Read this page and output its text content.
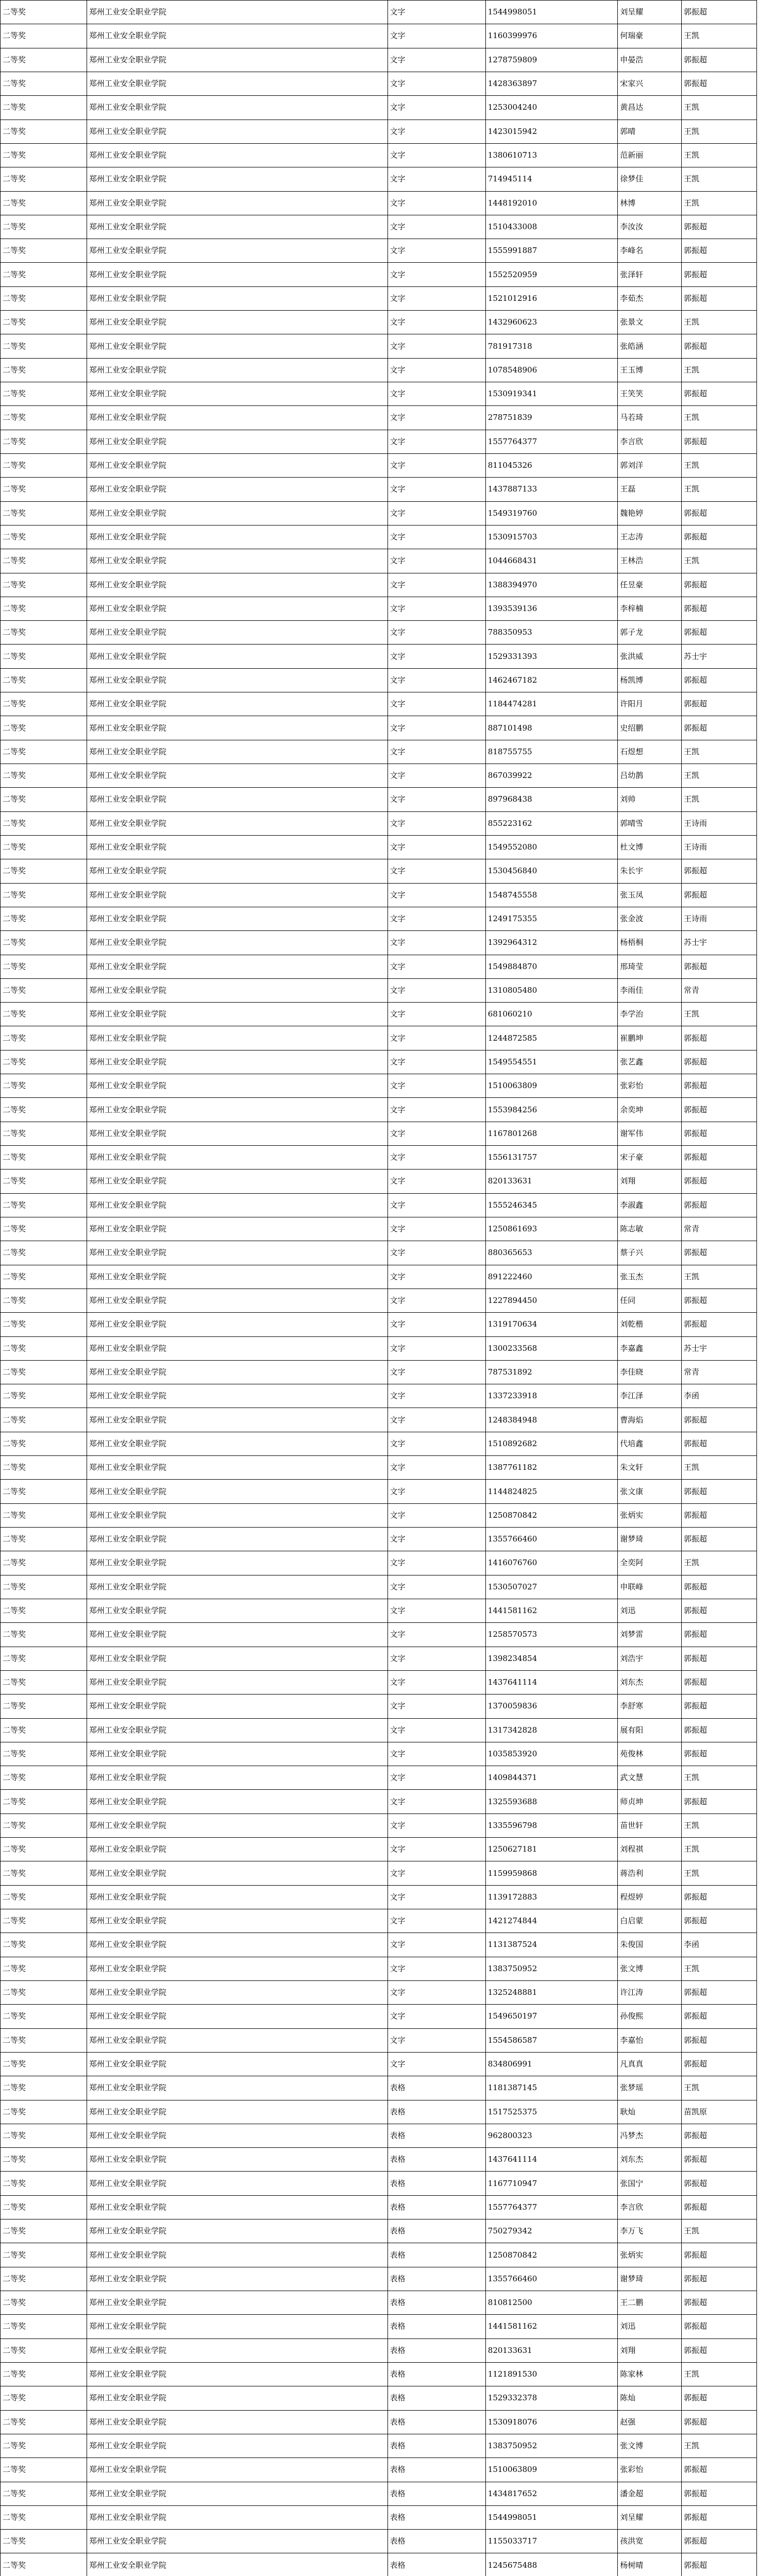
二等奖	郑州工业安全职业学院	文字	1544998051	刘呈耀	郭振超
二等奖	郑州工业安全职业学院	文字	1160399976	何瑞豪	王凯
二等奖	郑州工业安全职业学院	文字	1278759809	申晏浩	郭振超
二等奖	郑州工业安全职业学院	文字	1428363897	宋家兴	郭振超
二等奖	郑州工业安全职业学院	文字	1253004240	黄昌达	王凯
二等奖	郑州工业安全职业学院	文字	1423015942	郭晴	王凯
二等奖	郑州工业安全职业学院	文字	1380610713	范新丽	王凯
二等奖	郑州工业安全职业学院	文字	714945114	徐梦佳	王凯
二等奖	郑州工业安全职业学院	文字	1448192010	林博	王凯
二等奖	郑州工业安全职业学院	文字	1510433008	李汝汝	郭振超
二等奖	郑州工业安全职业学院	文字	1555991887	李峰名	郭振超
二等奖	郑州工业安全职业学院	文字	1552520959	张泽轩	郭振超
二等奖	郑州工业安全职业学院	文字	1521012916	李茹杰	郭振超
二等奖	郑州工业安全职业学院	文字	1432960623	张景文	王凯
二等奖	郑州工业安全职业学院	文字	781917318	张皓涵	郭振超
二等奖	郑州工业安全职业学院	文字	1078548906	王玉博	王凯
二等奖	郑州工业安全职业学院	文字	1530919341	王笑笑	郭振超
二等奖	郑州工业安全职业学院	文字	278751839	马若琦	王凯
二等奖	郑州工业安全职业学院	文字	1557764377	李言欣	郭振超
二等奖	郑州工业安全职业学院	文字	811045326	郭刘洋	王凯
二等奖	郑州工业安全职业学院	文字	1437887133	王磊	王凯
二等奖	郑州工业安全职业学院	文字	1549319760	魏艳婷	郭振超
二等奖	郑州工业安全职业学院	文字	1530915703	王志涛	郭振超
二等奖	郑州工业安全职业学院	文字	1044668431	王林浩	王凯
二等奖	郑州工业安全职业学院	文字	1388394970	任昱豪	郭振超
二等奖	郑州工业安全职业学院	文字	1393539136	李梓楠	郭振超
二等奖	郑州工业安全职业学院	文字	788350953	郭子龙	郭振超
二等奖	郑州工业安全职业学院	文字	1529331393	张洪威	苏士宇
二等奖	郑州工业安全职业学院	文字	1462467182	杨凯博	郭振超
二等奖	郑州工业安全职业学院	文字	1184474281	许阳月	郭振超
二等奖	郑州工业安全职业学院	文字	887101498	史绍鹏	郭振超
二等奖	郑州工业安全职业学院	文字	818755755	石煜想	王凯
二等奖	郑州工业安全职业学院	文字	867039922	吕幼鹊	王凯
二等奖	郑州工业安全职业学院	文字	897968438	刘帅	王凯
二等奖	郑州工业安全职业学院	文字	855223162	郭晴雪	王诗雨
二等奖	郑州工业安全职业学院	文字	1549552080	杜文博	王诗雨
二等奖	郑州工业安全职业学院	文字	1530456840	朱长宇	郭振超
二等奖	郑州工业安全职业学院	文字	1548745558	张玉凤	郭振超
二等奖	郑州工业安全职业学院	文字	1249175355	张金波	王诗雨
二等奖	郑州工业安全职业学院	文字	1392964312	杨梧桐	苏士宇
二等奖	郑州工业安全职业学院	文字	1549884870	邢琦莹	郭振超
二等奖	郑州工业安全职业学院	文字	1310805480	李雨佳	常青
二等奖	郑州工业安全职业学院	文字	681060210	李学治	王凯
二等奖	郑州工业安全职业学院	文字	1244872585	崔鹏坤	郭振超
二等奖	郑州工业安全职业学院	文字	1549554551	张艺鑫	郭振超
二等奖	郑州工业安全职业学院	文字	1510063809	张彩怡	郭振超
二等奖	郑州工业安全职业学院	文字	1553984256	余奕坤	郭振超
二等奖	郑州工业安全职业学院	文字	1167801268	谢军伟	郭振超
二等奖	郑州工业安全职业学院	文字	1556131757	宋子豪	郭振超
二等奖	郑州工业安全职业学院	文字	820133631	刘翔	郭振超
二等奖	郑州工业安全职业学院	文字	1555246345	李淑鑫	郭振超
二等奖	郑州工业安全职业学院	文字	1250861693	陈志敏	常青
二等奖	郑州工业安全职业学院	文字	880365653	蔡子兴	郭振超
二等奖	郑州工业安全职业学院	文字	891222460	张玉杰	王凯
二等奖	郑州工业安全职业学院	文字	1227894450	任同	郭振超
二等奖	郑州工业安全职业学院	文字	1319170634	刘乾楷	郭振超
二等奖	郑州工业安全职业学院	文字	1300233568	李嘉鑫	苏士宇
二等奖	郑州工业安全职业学院	文字	787531892	李佳晓	常青
二等奖	郑州工业安全职业学院	文字	1337233918	李江泽	李函
二等奖	郑州工业安全职业学院	文字	1248384948	曹海焰	郭振超
二等奖	郑州工业安全职业学院	文字	1510892682	代培鑫	郭振超
二等奖	郑州工业安全职业学院	文字	1387761182	朱文轩	王凯
二等奖	郑州工业安全职业学院	文字	1144824825	张文康	郭振超
二等奖	郑州工业安全职业学院	文字	1250870842	张炳实	郭振超
二等奖	郑州工业安全职业学院	文字	1355766460	谢梦琦	郭振超
二等奖	郑州工业安全职业学院	文字	1416076760	全奕阿	王凯
二等奖	郑州工业安全职业学院	文字	1530507027	申联峰	郭振超
二等奖	郑州工业安全职业学院	文字	1441581162	刘迅	郭振超
二等奖	郑州工业安全职业学院	文字	1258570573	刘梦雷	郭振超
二等奖	郑州工业安全职业学院	文字	1398234854	刘浩宇	郭振超
二等奖	郑州工业安全职业学院	文字	1437641114	刘东杰	郭振超
二等奖	郑州工业安全职业学院	文字	1370059836	李舒寒	郭振超
二等奖	郑州工业安全职业学院	文字	1317342828	展有阳	郭振超
二等奖	郑州工业安全职业学院	文字	1035853920	苑俊林	郭振超
二等奖	郑州工业安全职业学院	文字	1409844371	武文慧	王凯
二等奖	郑州工业安全职业学院	文字	1325593688	师贞坤	郭振超
二等奖	郑州工业安全职业学院	文字	1335596798	苗世轩	王凯
二等奖	郑州工业安全职业学院	文字	1250627181	刘程祺	王凯
二等奖	郑州工业安全职业学院	文字	1159959868	蒋浩利	王凯
二等奖	郑州工业安全职业学院	文字	1139172883	程煜婷	郭振超
二等奖	郑州工业安全职业学院	文字	1421274844	白启蒙	郭振超
二等奖	郑州工业安全职业学院	文字	1131387524	朱俊国	李函
二等奖	郑州工业安全职业学院	文字	1383750952	张文博	王凯
二等奖	郑州工业安全职业学院	文字	1325248881	许江涛	郭振超
二等奖	郑州工业安全职业学院	文字	1549650197	孙俊熙	郭振超
二等奖	郑州工业安全职业学院	文字	1554586587	李嘉怡	郭振超
二等奖	郑州工业安全职业学院	文字	834806991	凡真真	郭振超
二等奖	郑州工业安全职业学院	表格	1181387145	张梦瑶	王凯
二等奖	郑州工业安全职业学院	表格	1517525375	耿灿	苗凯原
二等奖	郑州工业安全职业学院	表格	962800323	冯梦杰	郭振超
二等奖	郑州工业安全职业学院	表格	1437641114	刘东杰	郭振超
二等奖	郑州工业安全职业学院	表格	1167710947	张国宁	郭振超
二等奖	郑州工业安全职业学院	表格	1557764377	李言欣	郭振超
二等奖	郑州工业安全职业学院	表格	750279342	李万飞	王凯
二等奖	郑州工业安全职业学院	表格	1250870842	张炳实	郭振超
二等奖	郑州工业安全职业学院	表格	1355766460	谢梦琦	郭振超
二等奖	郑州工业安全职业学院	表格	810812500	王二鹏	郭振超
二等奖	郑州工业安全职业学院	表格	1441581162	刘迅	郭振超
二等奖	郑州工业安全职业学院	表格	820133631	刘翔	郭振超
二等奖	郑州工业安全职业学院	表格	1121891530	陈家林	王凯
二等奖	郑州工业安全职业学院	表格	1529332378	陈灿	郭振超
二等奖	郑州工业安全职业学院	表格	1530918076	赵强	郭振超
二等奖	郑州工业安全职业学院	表格	1383750952	张文博	王凯
二等奖	郑州工业安全职业学院	表格	1510063809	张彩怡	郭振超
二等奖	郑州工业安全职业学院	表格	1434817652	潘金超	郭振超
二等奖	郑州工业安全职业学院	表格	1544998051	刘呈耀	郭振超
二等奖	郑州工业安全职业学院	表格	1155033717	孩洪宽	郭振超
二等奖	郑州工业安全职业学院	表格	1245675488	杨树晴	郭振超
